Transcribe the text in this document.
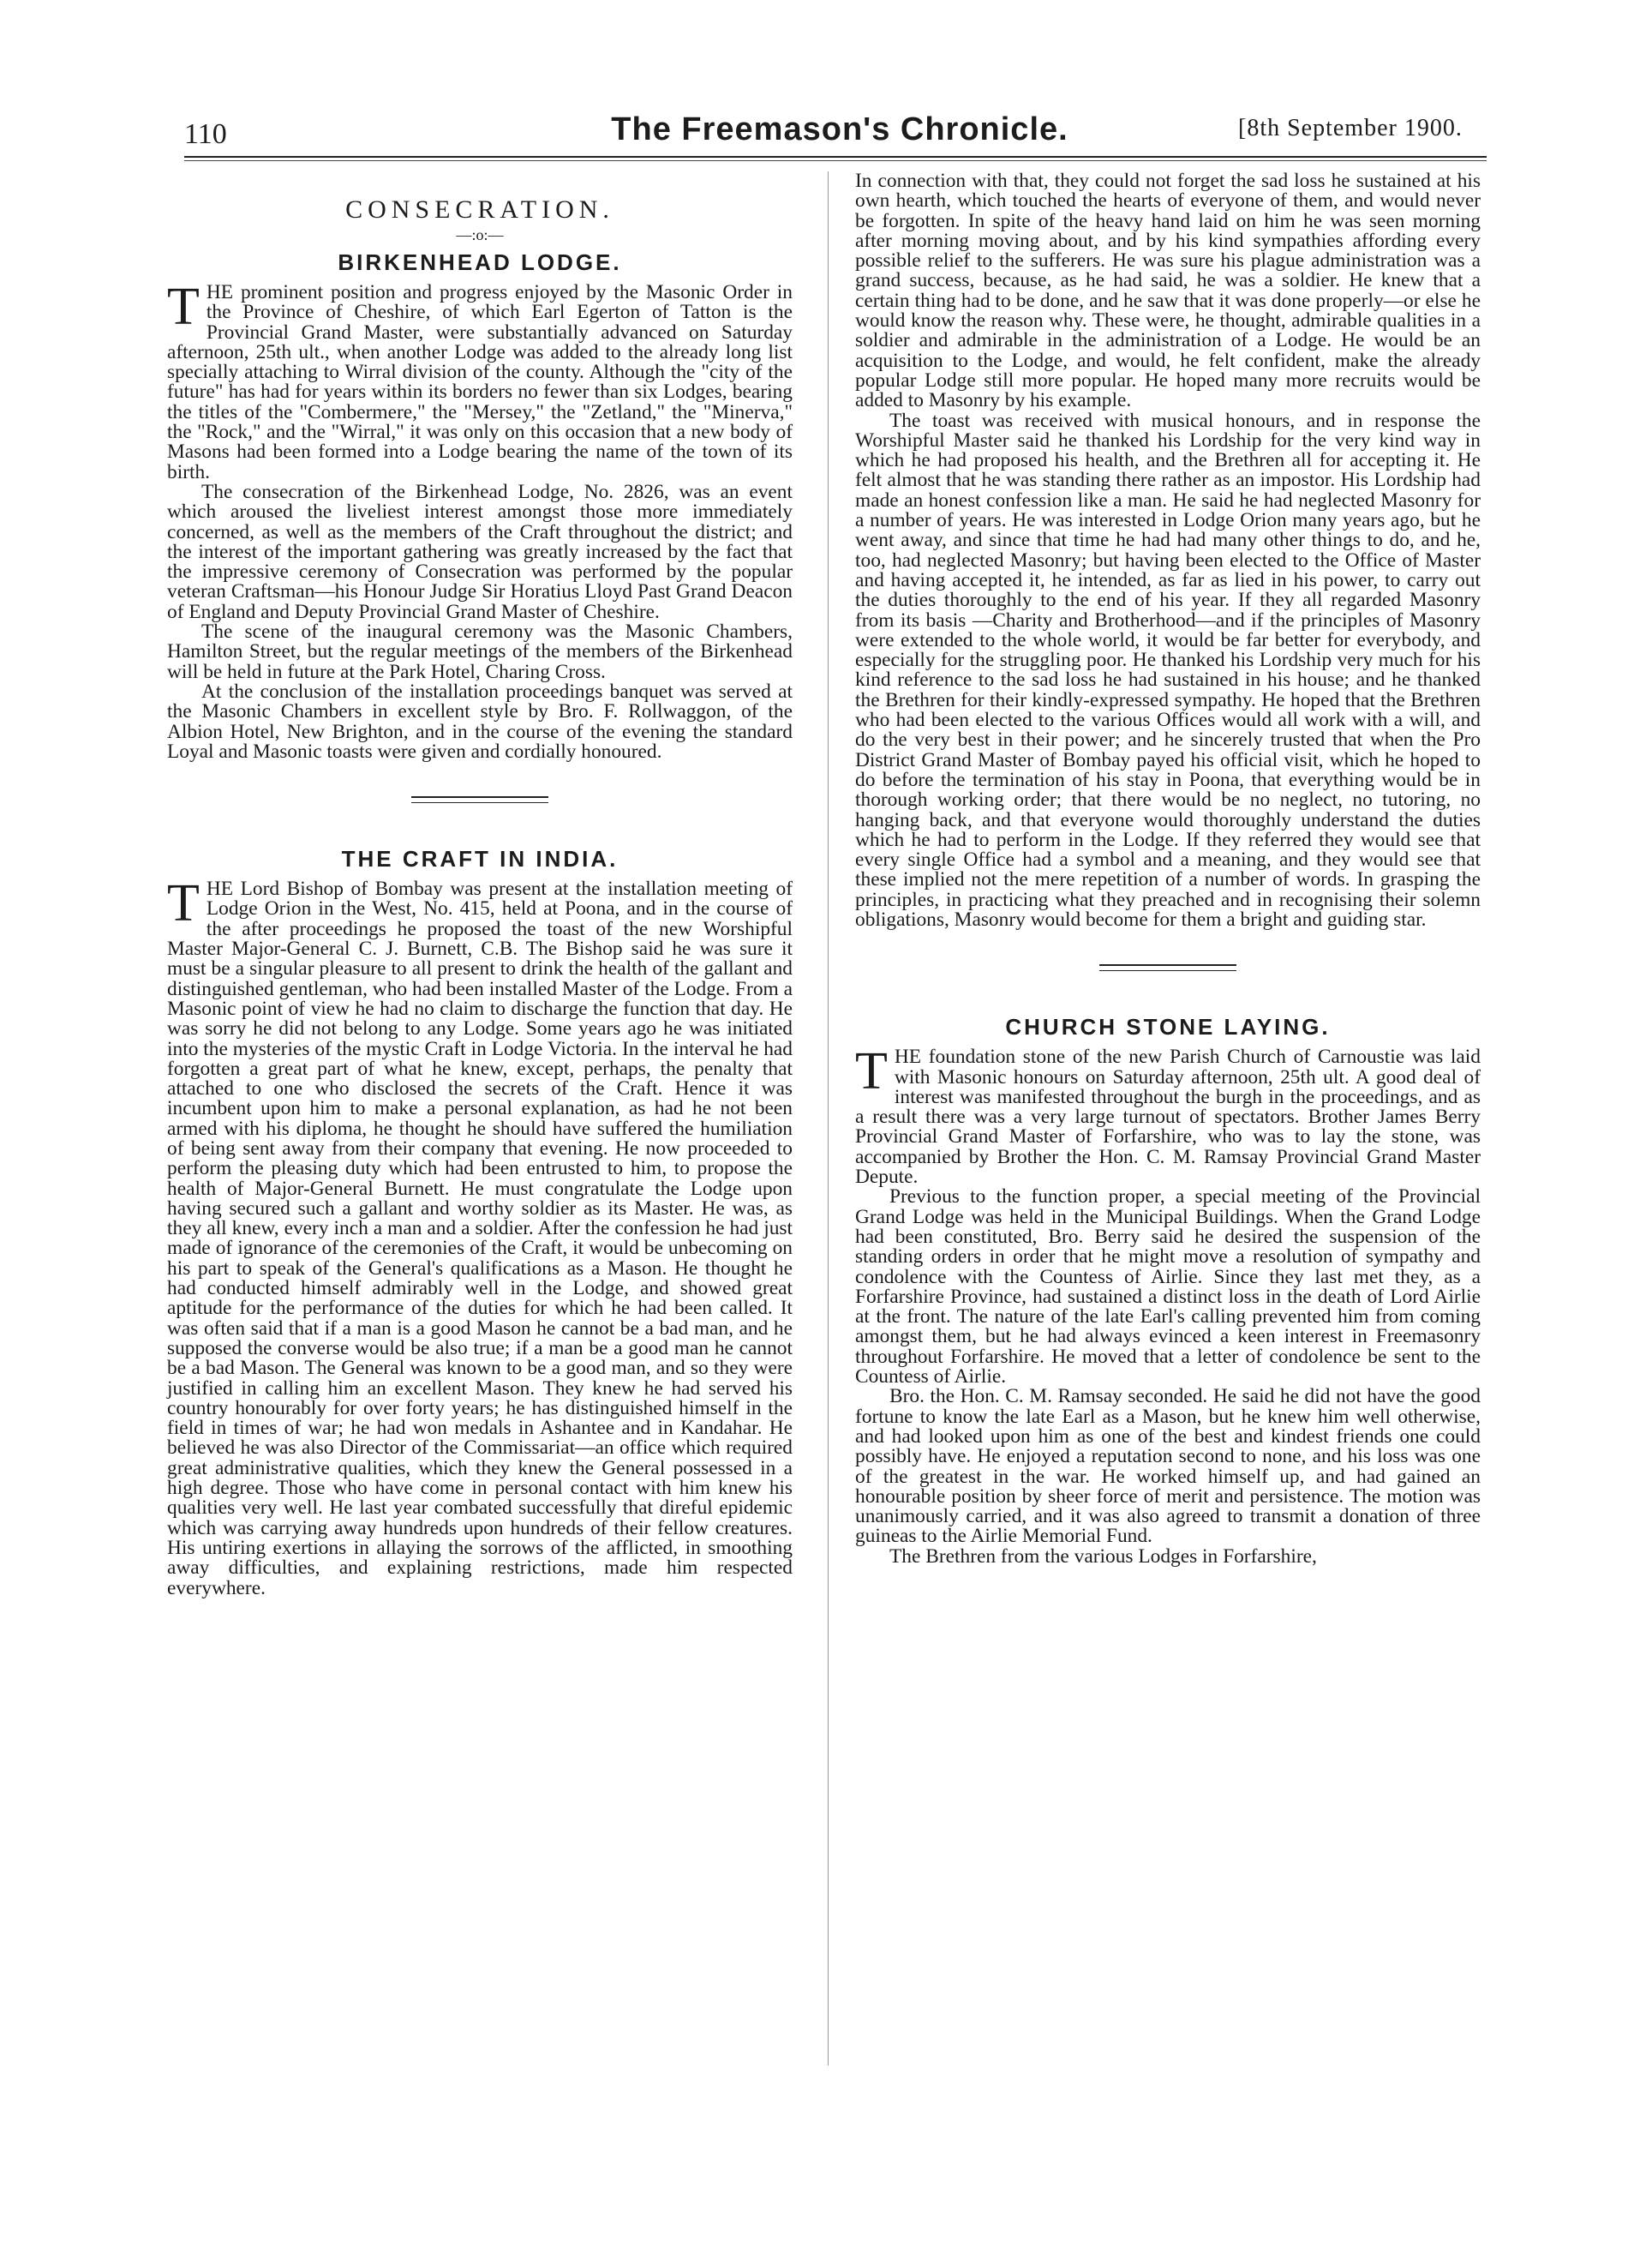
110	The Freemason's Chronicle.	[8th September 1900.
CONSECRATION.
—:o:—
BIRKENHEAD LODGE.

THE prominent position and progress enjoyed by the Masonic Order in the Province of Cheshire, of which Earl Egerton of Tatton is the Provincial Grand Master, were substantially advanced on Saturday afternoon, 25th ult., when another Lodge was added to the already long list specially attaching to Wirral division of the county. Although the "city of the future" has had for years within its borders no fewer than six Lodges, bearing the titles of the "Combermere," the "Mersey," the "Zetland," the "Minerva," the "Rock," and the "Wirral," it was only on this occasion that a new body of Masons had been formed into a Lodge bearing the name of the town of its birth.

The consecration of the Birkenhead Lodge, No. 2826, was an event which aroused the liveliest interest amongst those more immediately concerned, as well as the members of the Craft throughout the district; and the interest of the important gathering was greatly increased by the fact that the impressive ceremony of Consecration was performed by the popular veteran Craftsman—his Honour Judge Sir Horatius Lloyd Past Grand Deacon of England and Deputy Provincial Grand Master of Cheshire.

The scene of the inaugural ceremony was the Masonic Chambers, Hamilton Street, but the regular meetings of the members of the Birkenhead will be held in future at the Park Hotel, Charing Cross.

At the conclusion of the installation proceedings banquet was served at the Masonic Chambers in excellent style by Bro. F. Rollwaggon, of the Albion Hotel, New Brighton, and in the course of the evening the standard Loyal and Masonic toasts were given and cordially honoured.

THE CRAFT IN INDIA.

THE Lord Bishop of Bombay was present at the installation meeting of Lodge Orion in the West, No. 415, held at Poona, and in the course of the after proceedings he proposed the toast of the new Worshipful Master Major-General C. J. Burnett, C.B. The Bishop said he was sure it must be a singular pleasure to all present to drink the health of the gallant and distinguished gentleman, who had been installed Master of the Lodge. From a Masonic point of view he had no claim to discharge the function that day. He was sorry he did not belong to any Lodge. Some years ago he was initiated into the mysteries of the mystic Craft in Lodge Victoria. In the interval he had forgotten a great part of what he knew, except, perhaps, the penalty that attached to one who disclosed the secrets of the Craft. Hence it was incumbent upon him to make a personal explanation, as had he not been armed with his diploma, he thought he should have suffered the humiliation of being sent away from their company that evening. He now proceeded to perform the pleasing duty which had been entrusted to him, to propose the health of Major-General Burnett. He must congratulate the Lodge upon having secured such a gallant and worthy soldier as its Master. He was, as they all knew, every inch a man and a soldier. After the confession he had just made of ignorance of the ceremonies of the Craft, it would be unbecoming on his part to speak of the General's qualifications as a Mason. He thought he had conducted himself admirably well in the Lodge, and showed great aptitude for the performance of the duties for which he had been called. It was often said that if a man is a good Mason he cannot be a bad man, and he supposed the converse would be also true; if a man be a good man he cannot be a bad Mason. The General was known to be a good man, and so they were justified in calling him an excellent Mason. They knew he had served his country honourably for over forty years; he has distinguished himself in the field in times of war; he had won medals in Ashantee and in Kandahar. He believed he was also Director of the Commissariat—an office which required great administrative qualities, which they knew the General possessed in a high degree. Those who have come in personal contact with him knew his qualities very well. He last year combated successfully that direful epidemic which was carrying away hundreds upon hundreds of their fellow creatures. His untiring exertions in allaying the sorrows of the afflicted, in smoothing away difficulties, and explaining restrictions, made him respected everywhere.

In connection with that, they could not forget the sad loss he sustained at his own hearth, which touched the hearts of everyone of them, and would never be forgotten. In spite of the heavy hand laid on him he was seen morning after morning moving about, and by his kind sympathies affording every possible relief to the sufferers. He was sure his plague administration was a grand success, because, as he had said, he was a soldier. He knew that a certain thing had to be done, and he saw that it was done properly—or else he would know the reason why. These were, he thought, admirable qualities in a soldier and admirable in the administration of a Lodge. He would be an acquisition to the Lodge, and would, he felt confident, make the already popular Lodge still more popular. He hoped many more recruits would be added to Masonry by his example.

The toast was received with musical honours, and in response the Worshipful Master said he thanked his Lordship for the very kind way in which he had proposed his health, and the Brethren all for accepting it. He felt almost that he was standing there rather as an impostor. His Lordship had made an honest confession like a man. He said he had neglected Masonry for a number of years. He was interested in Lodge Orion many years ago, but he went away, and since that time he had had many other things to do, and he, too, had neglected Masonry; but having been elected to the Office of Master and having accepted it, he intended, as far as lied in his power, to carry out the duties thoroughly to the end of his year. If they all regarded Masonry from its basis —Charity and Brotherhood—and if the principles of Masonry were extended to the whole world, it would be far better for everybody, and especially for the struggling poor. He thanked his Lordship very much for his kind reference to the sad loss he had sustained in his house; and he thanked the Brethren for their kindly-expressed sympathy. He hoped that the Brethren who had been elected to the various Offices would all work with a will, and do the very best in their power; and he sincerely trusted that when the Pro District Grand Master of Bombay payed his official visit, which he hoped to do before the termination of his stay in Poona, that everything would be in thorough working order; that there would be no neglect, no tutoring, no hanging back, and that everyone would thoroughly understand the duties which he had to perform in the Lodge. If they referred they would see that every single Office had a symbol and a meaning, and they would see that these implied not the mere repetition of a number of words. In grasping the principles, in practicing what they preached and in recognising their solemn obligations, Masonry would become for them a bright and guiding star.

CHURCH STONE LAYING.

THE foundation stone of the new Parish Church of Carnoustie was laid with Masonic honours on Saturday afternoon, 25th ult. A good deal of interest was manifested throughout the burgh in the proceedings, and as a result there was a very large turnout of spectators. Brother James Berry Provincial Grand Master of Forfarshire, who was to lay the stone, was accompanied by Brother the Hon. C. M. Ramsay Provincial Grand Master Depute.

Previous to the function proper, a special meeting of the Provincial Grand Lodge was held in the Municipal Buildings. When the Grand Lodge had been constituted, Bro. Berry said he desired the suspension of the standing orders in order that he might move a resolution of sympathy and condolence with the Countess of Airlie. Since they last met they, as a Forfarshire Province, had sustained a distinct loss in the death of Lord Airlie at the front. The nature of the late Earl's calling prevented him from coming amongst them, but he had always evinced a keen interest in Freemasonry throughout Forfarshire. He moved that a letter of condolence be sent to the Countess of Airlie.

Bro. the Hon. C. M. Ramsay seconded. He said he did not have the good fortune to know the late Earl as a Mason, but he knew him well otherwise, and had looked upon him as one of the best and kindest friends one could possibly have. He enjoyed a reputation second to none, and his loss was one of the greatest in the war. He worked himself up, and had gained an honourable position by sheer force of merit and persistence. The motion was unanimously carried, and it was also agreed to transmit a donation of three guineas to the Airlie Memorial Fund.

The Brethren from the various Lodges in Forfarshire,
